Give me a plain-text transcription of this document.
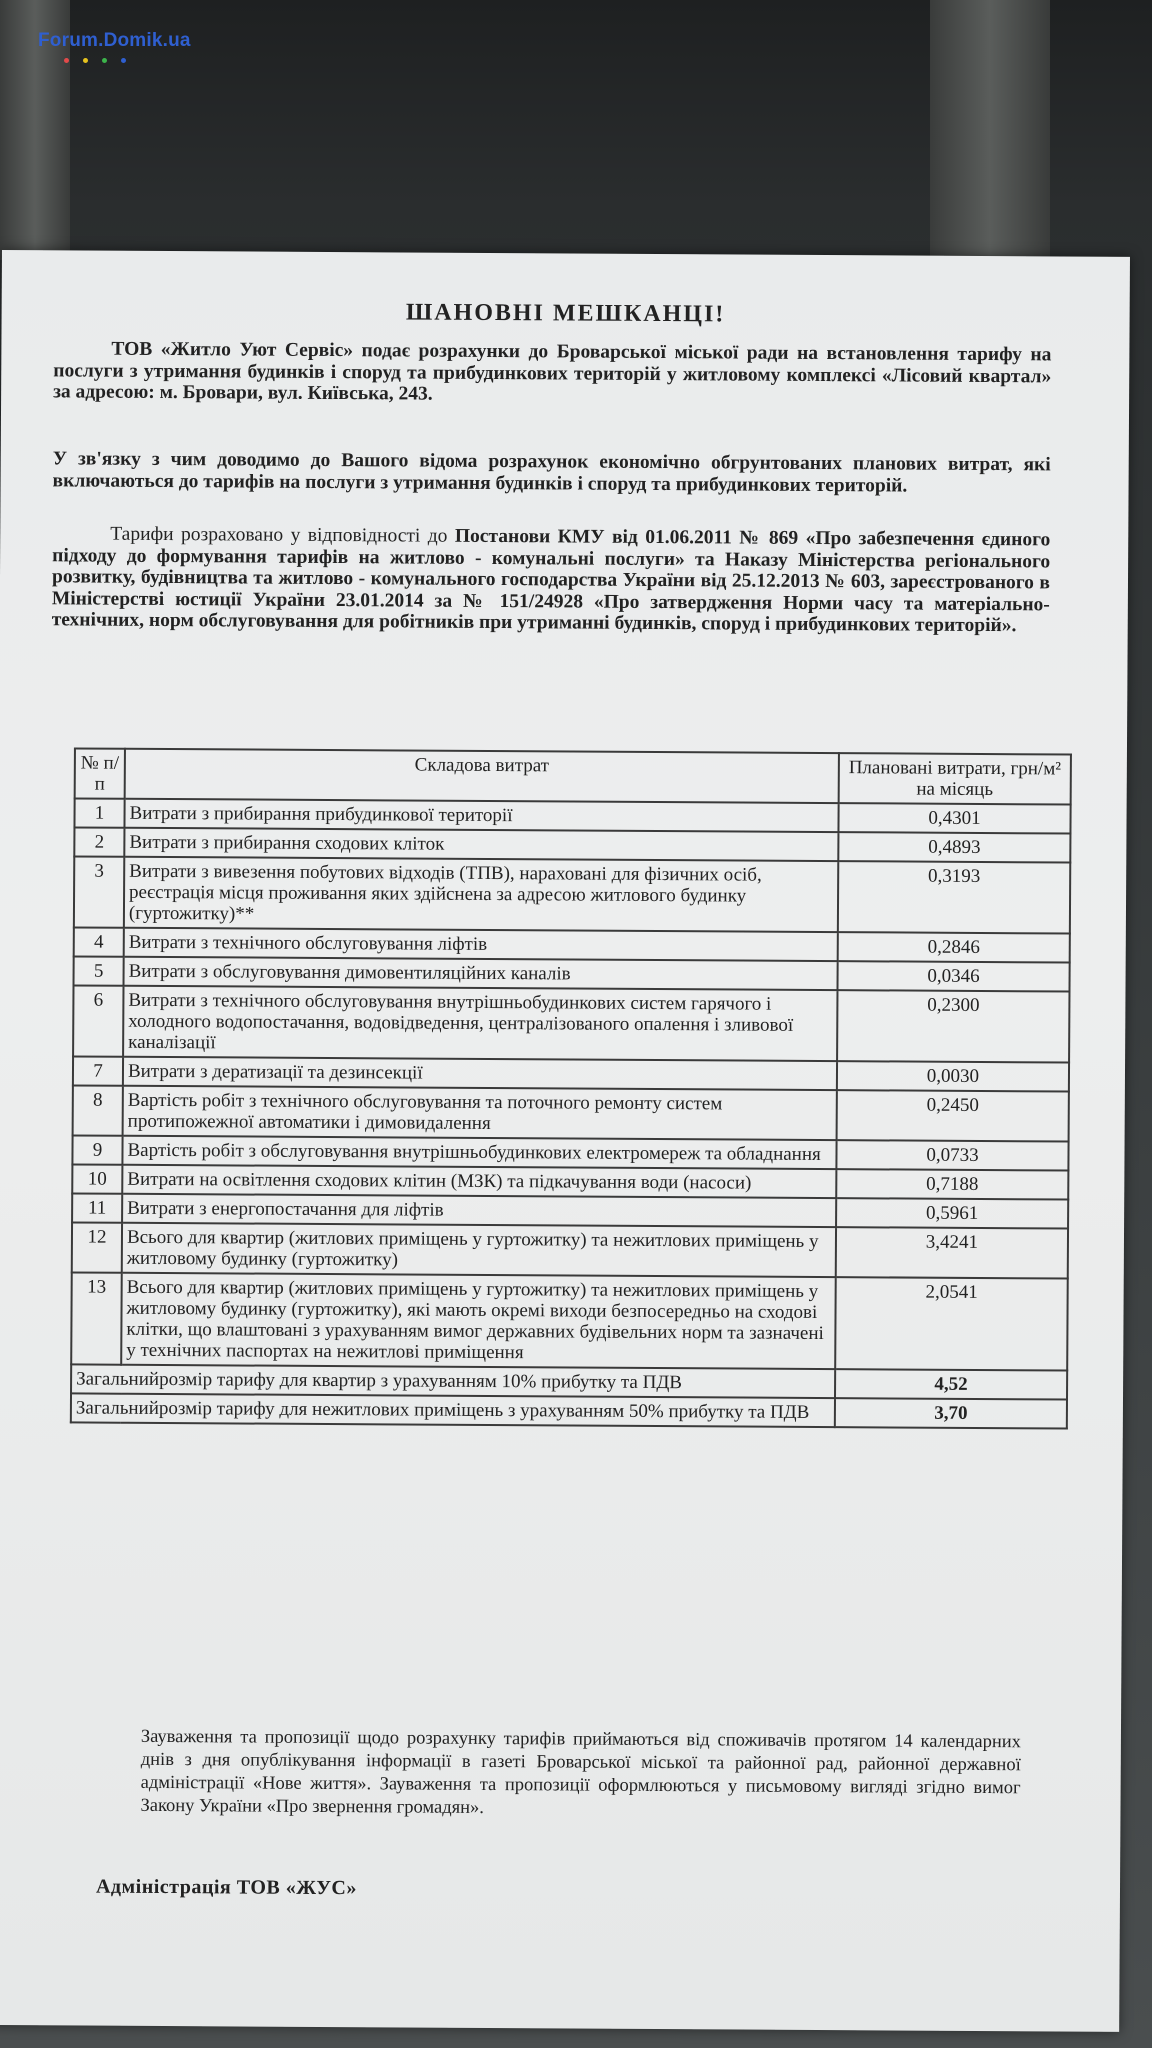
Forum.Domik.ua
ШАНОВНІ МЕШКАНЦІ!
ТОВ «Житло Уют Сервіс» подає розрахунки до Броварської міської ради на встановлення тарифу на послуги з утримання будинків і споруд та прибудинкових територій у житловому комплексі «Лісовий квартал» за адресою: м. Бровари, вул. Київська, 243.
У зв'язку з чим доводимо до Вашого відома розрахунок економічно обгрунтованих планових витрат, які включаються до тарифів на послуги з утримання будинків і споруд та прибудинкових територій.
Тарифи розраховано у відповідності до Постанови КМУ від 01.06.2011 № 869 «Про забезпечення єдиного підходу до формування тарифів на житлово - комунальні послуги» та Наказу Міністерства регіонального розвитку, будівництва та житлово - комунального господарства України від 25.12.2013 № 603, зареєстрованого в Міністерстві юстиції України 23.01.2014 за № 151/24928 «Про затвердження Норми часу та матеріально-технічних, норм обслуговування для робітників при утриманні будинків, споруд і прибудинкових територій».
№ п/п	Складова витрат	Плановані витрати, грн/м² на місяць
1	Витрати з прибирання прибудинкової території	0,4301
2	Витрати з прибирання сходових кліток	0,4893
3	Витрати з вивезення побутових відходів (ТПВ), нараховані для фізичних осіб, реєстрація місця проживання яких здійснена за адресою житлового будинку (гуртожитку)**	0,3193
4	Витрати з технічного обслуговування ліфтів	0,2846
5	Витрати з обслуговування димовентиляційних каналів	0,0346
6	Витрати з технічного обслуговування внутрішньобудинкових систем гарячого і холодного водопостачання, водовідведення, централізованого опалення і зливової каналізації	0,2300
7	Витрати з дератизації та дезинсекції	0,0030
8	Вартість робіт з технічного обслуговування та поточного ремонту систем протипожежної автоматики і димовидалення	0,2450
9	Вартість робіт з обслуговування внутрішньобудинкових електромереж та обладнання	0,0733
10	Витрати на освітлення сходових клітин (МЗК) та підкачування води (насоси)	0,7188
11	Витрати з енергопостачання для ліфтів	0,5961
12	Всього для квартир (житлових приміщень у гуртожитку) та нежитлових приміщень у житловому будинку (гуртожитку)	3,4241
13	Всього для квартир (житлових приміщень у гуртожитку) та нежитлових приміщень у житловому будинку (гуртожитку), які мають окремі виходи безпосередньо на сходові клітки, що влаштовані з урахуванням вимог державних будівельних норм та зазначені у технічних паспортах на нежитлові приміщення	2,0541
Загальнийрозмір тарифу для квартир з урахуванням 10% прибутку та ПДВ		4,52
Загальнийрозмір тарифу для нежитлових приміщень з урахуванням 50% прибутку та ПДВ		3,70
Зауваження та пропозиції щодо розрахунку тарифів приймаються від споживачів протягом 14 календарних днів з дня опублікування інформації в газеті Броварської міської та районної рад, районної державної адміністрації «Нове життя». Зауваження та пропозиції оформлюються у письмовому вигляді згідно вимог Закону України «Про звернення громадян».
Адміністрація ТОВ «ЖУС»
